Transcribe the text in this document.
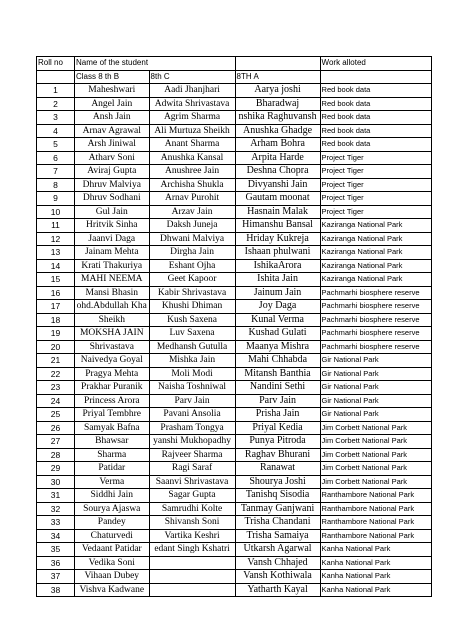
Roll no	Name of the student			Work alloted
	Class 8 th B	8th C	8TH A	
1	Maheshwari	Aadi Jhanjhari	Aarya joshi	Red book data
2	Angel Jain	Adwita Shrivastava	Bharadwaj	Red book data
3	Ansh Jain	Agrim Sharma	nshika Raghuvansh	Red book data
4	Arnav Agrawal	Ali Murtuza Sheikh	Anushka Ghadge	Red book data
5	Arsh Jiniwal	Anant Sharma	Arham Bohra	Red book data
6	Atharv Soni	Anushka Kansal	Arpita Harde	Project Tiger
7	Aviraj Gupta	Anushree Jain	Deshna Chopra	Project Tiger
8	Dhruv Malviya	Archisha Shukla	Divyanshi Jain	Project Tiger
9	Dhruv Sodhani	Arnav Purohit	Gautam moonat	Project Tiger
10	Gul Jain	Arzav Jain	Hasnain Malak	Project Tiger
11	Hritvik Sinha	Daksh Juneja	Himanshu Bansal	Kaziranga National Park
12	Jaanvi Daga	Dhwani Malviya	Hriday Kukreja	Kaziranga National Park
13	Jainam Mehta	Dirgha Jain	Ishaan phulwani	Kaziranga National Park
14	Krati Thakuriya	Eshant Ojha	IshikaArora	Kaziranga National Park
15	MAHI NEEMA	Geet Kapoor	Ishita Jain	Kaziranga National Park
16	Mansi Bhasin	Kabir Shrivastava	Jainum Jain	Pachmarhi biosphere reserve
17	ohd.Abdullah Kha	Khushi Dhiman	Joy Daga	Pachmarhi biosphere reserve
18	Sheikh	Kush Saxena	Kunal Verma	Pachmarhi biosphere reserve
19	MOKSHA JAIN	Luv Saxena	Kushad Gulati	Pachmarhi biosphere reserve
20	Shrivastava	Medhansh Gutulla	Maanya Mishra	Pachmarhi biosphere reserve
21	Naivedya Goyal	Mishka Jain	Mahi Chhabda	Gir National Park
22	Pragya Mehta	Moli Modi	Mitansh Banthia	Gir National Park
23	Prakhar Puranik	Naisha Toshniwal	Nandini Sethi	Gir National Park
24	Princess Arora	Parv Jain	Parv Jain	Gir National Park
25	Priyal Tembhre	Pavani Ansolia	Prisha Jain	Gir National Park
26	Samyak Bafna	Prasham Tongya	Priyal Kedia	Jim Corbett National Park
27	Bhawsar	yanshi Mukhopadhy	Punya Pitroda	Jim Corbett National Park
28	Sharma	Rajveer Sharma	Raghav Bhurani	Jim Corbett National Park
29	Patidar	Ragi Saraf	Ranawat	Jim Corbett National Park
30	Verma	Saanvi Shrivastava	Shourya Joshi	Jim Corbett National Park
31	Siddhi Jain	Sagar Gupta	Tanishq Sisodia	Ranthambore National Park
32	Sourya Ajaswa	Samrudhi Kolte	Tanmay Ganjwani	Ranthambore National Park
33	Pandey	Shivansh Soni	Trisha Chandani	Ranthambore National Park
34	Chaturvedi	Vartika Keshri	Trisha Samaiya	Ranthambore National Park
35	Vedaant Patidar	edant Singh Kshatri	Utkarsh Agarwal	Kanha National Park
36	Vedika Soni		Vansh Chhajed	Kanha National Park
37	Vihaan Dubey		Vansh Kothiwala	Kanha National Park
38	Vishva Kadwane		Yatharth Kayal	Kanha National Park
